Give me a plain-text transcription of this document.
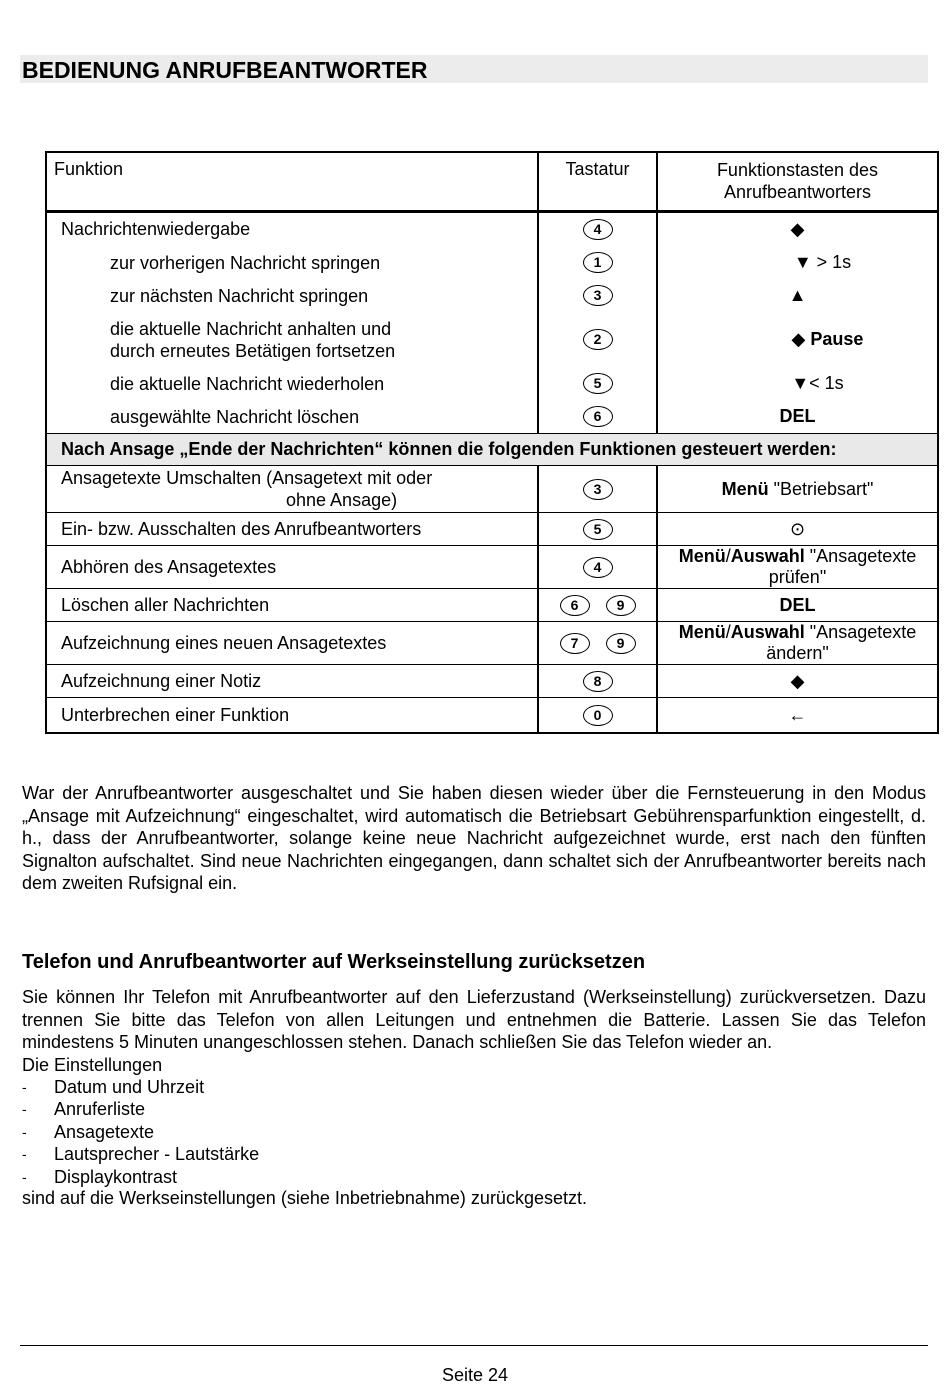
BEDIENUNG ANRUFBEANTWORTER
Funktion	Tastatur	Funktionstasten des Anrufbeantworters
Nachrichtenwiedergabe	4	◆
zur vorherigen Nachricht springen	1	▼ > 1s
zur nächsten Nachricht springen	3	▲

die aktuelle Nachricht anhalten und
durch erneutes Betätigen fortsetzen	2	◆ Pause
die aktuelle Nachricht wiederholen	5	▼< 1s
ausgewählte Nachricht löschen	6	DEL
Nach Ansage „Ende der Nachrichten“ können die folgenden Funktionen gesteuert werden:		

Ansagetexte Umschalten (Ansagetext mit oder
ohne Ansage)	3	Menü "Betriebsart"
Ein- bzw. Ausschalten des Anrufbeantworters	5	⊙
Abhören des Ansagetextes	4	Menü/Auswahl "Ansagetexte prüfen"
Löschen aller Nachrichten	6 9	DEL
Aufzeichnung eines neuen Ansagetextes	7 9	Menü/Auswahl "Ansagetexte ändern"
Aufzeichnung einer Notiz	8	◆
Unterbrechen einer Funktion	0	←
War der Anrufbeantworter ausgeschaltet und Sie haben diesen wieder über die Fernsteuerung in den Modus „Ansage mit Aufzeichnung“ eingeschaltet, wird automatisch die Betriebsart Gebührensparfunktion eingestellt, d. h., dass der Anrufbeantworter, solange keine neue Nachricht aufgezeichnet wurde, erst nach den fünften Signalton aufschaltet. Sind neue Nachrichten eingegangen, dann schaltet sich der Anrufbeantworter bereits nach dem zweiten Rufsignal ein.
Telefon und Anrufbeantworter auf Werkseinstellung zurücksetzen
Sie können Ihr Telefon mit Anrufbeantworter auf den Lieferzustand (Werkseinstellung) zurückversetzen. Dazu trennen Sie bitte das Telefon von allen Leitungen und entnehmen die Batterie. Lassen Sie das Telefon mindestens 5 Minuten unangeschlossen stehen. Danach schließen Sie das Telefon wieder an.
Die Einstellungen
- Datum und Uhrzeit
- Anruferliste
- Ansagetexte
- Lautsprecher - Lautstärke
- Displaykontrast
sind auf die Werkseinstellungen (siehe Inbetriebnahme) zurückgesetzt.
Seite 24
